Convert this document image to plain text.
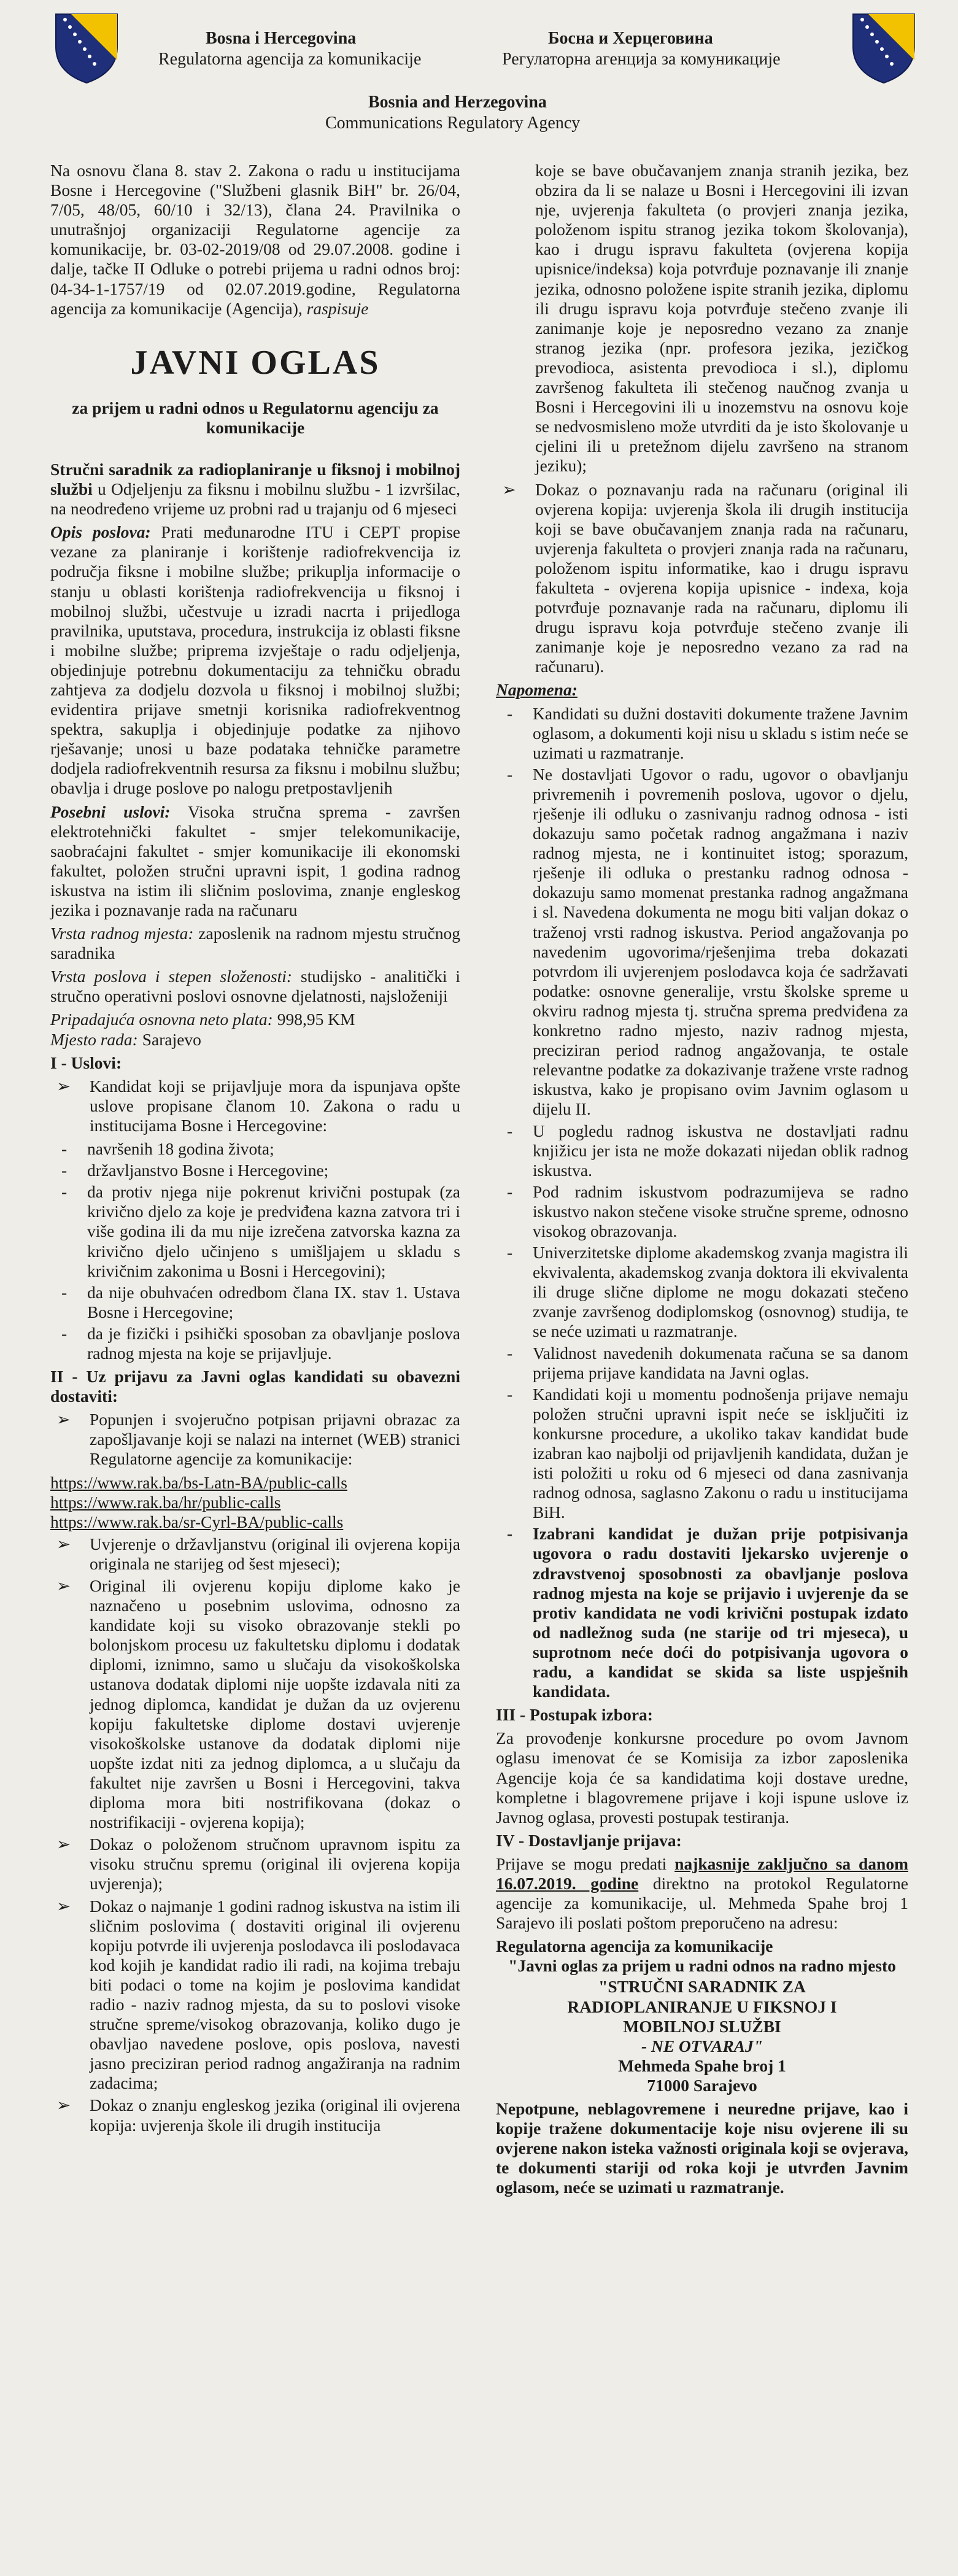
Bosna i Hercegovina
Regulatorna agencija za komunikacije
Босна и Херцеговина
Регулаторна агенција за комуникације
Bosnia and Herzegovina
Communications Regulatory Agency

Na osnovu člana 8. stav 2. Zakona o radu u institucijama Bosne i Hercegovine ("Službeni glasnik BiH" br. 26/04, 7/05, 48/05, 60/10 i 32/13), člana 24. Pravilnika o unutrašnjoj organizaciji Regulatorne agencije za komunikacije, br. 03-02-2019/08 od 29.07.2008. godine i dalje, tačke II Odluke o potrebi prijema u radni odnos broj: 04-34-1-1757/19 od 02.07.2019.godine, Regulatorna agencija za komunikacije (Agencija), raspisuje

JAVNI OGLAS

za prijem u radni odnos u Regulatornu agenciju za komunikacije

Stručni saradnik za radioplaniranje u fiksnoj i mobilnoj službi u Odjeljenju za fiksnu i mobilnu službu - 1 izvršilac, na neodređeno vrijeme uz probni rad u trajanju od 6 mjeseci

Opis poslova: Prati međunarodne ITU i CEPT propise vezane za planiranje i korištenje radiofrekvencija iz područja fiksne i mobilne službe; prikuplja informacije o stanju u oblasti korištenja radiofrekvencija u fiksnoj i mobilnoj službi, učestvuje u izradi nacrta i prijedloga pravilnika, uputstava, procedura, instrukcija iz oblasti fiksne i mobilne službe; priprema izvještaje o radu odjeljenja, objedinjuje potrebnu dokumentaciju za tehničku obradu zahtjeva za dodjelu dozvola u fiksnoj i mobilnoj službi; evidentira prijave smetnji korisnika radiofrekventnog spektra, sakuplja i objedinjuje podatke za njihovo rješavanje; unosi u baze podataka tehničke parametre dodjela radiofrekventnih resursa za fiksnu i mobilnu službu; obavlja i druge poslove po nalogu pretpostavljenih

Posebni uslovi: Visoka stručna sprema - završen elektrotehnički fakultet - smjer telekomunikacije, saobraćajni fakultet - smjer komunikacije ili ekonomski fakultet, položen stručni upravni ispit, 1 godina radnog iskustva na istim ili sličnim poslovima, znanje engleskog jezika i poznavanje rada na računaru

Vrsta radnog mjesta: zaposlenik na radnom mjestu stručnog saradnika

Vrsta poslova i stepen složenosti: studijsko - analitički i stručno operativni poslovi osnovne djelatnosti, najsloženiji

Pripadajuća osnovna neto plata: 998,95 KM

Mjesto rada: Sarajevo

I - Uslovi:

➢ Kandidat koji se prijavljuje mora da ispunjava opšte uslove propisane članom 10. Zakona o radu u institucijama Bosne i Hercegovine:
- navršenih 18 godina života;
- državljanstvo Bosne i Hercegovine;
- da protiv njega nije pokrenut krivični postupak (za krivično djelo za koje je predviđena kazna zatvora tri i više godina ili da mu nije izrečena zatvorska kazna za krivično djelo učinjeno s umišljajem u skladu s krivičnim zakonima u Bosni i Hercegovini);
- da nije obuhvaćen odredbom člana IX. stav 1. Ustava Bosne i Hercegovine;
- da je fizički i psihički sposoban za obavljanje poslova radnog mjesta na koje se prijavljuje.

II - Uz prijavu za Javni oglas kandidati su obavezni dostaviti:

➢ Popunjen i svojeručno potpisan prijavni obrazac za zapošljavanje koji se nalazi na internet (WEB) stranici Regulatorne agencije za komunikacije:
https://www.rak.ba/bs-Latn-BA/public-calls
https://www.rak.ba/hr/public-calls
https://www.rak.ba/sr-Cyrl-BA/public-calls
➢ Uvjerenje o državljanstvu (original ili ovjerena kopija originala ne starijeg od šest mjeseci);
➢ Original ili ovjerenu kopiju diplome kako je naznačeno u posebnim uslovima, odnosno za kandidate koji su visoko obrazovanje stekli po bolonjskom procesu uz fakultetsku diplomu i dodatak diplomi, iznimno, samo u slučaju da visokoškolska ustanova dodatak diplomi nije uopšte izdavala niti za jednog diplomca, kandidat je dužan da uz ovjerenu kopiju fakultetske diplome dostavi uvjerenje visokoškolske ustanove da dodatak diplomi nije uopšte izdat niti za jednog diplomca, a u slučaju da fakultet nije završen u Bosni i Hercegovini, takva diploma mora biti nostrifikovana (dokaz o nostrifikaciji - ovjerena kopija);
➢ Dokaz o položenom stručnom upravnom ispitu za visoku stručnu spremu (original ili ovjerena kopija uvjerenja);
➢ Dokaz o najmanje 1 godini radnog iskustva na istim ili sličnim poslovima ( dostaviti original ili ovjerenu kopiju potvrde ili uvjerenja poslodavca ili poslodavaca kod kojih je kandidat radio ili radi, na kojima trebaju biti podaci o tome na kojim je poslovima kandidat radio - naziv radnog mjesta, da su to poslovi visoke stručne spreme/visokog obrazovanja, koliko dugo je obavljao navedene poslove, opis poslova, navesti jasno preciziran period radnog angažiranja na radnim zadacima;
➢ Dokaz o znanju engleskog jezika (original ili ovjerena kopija: uvjerenja škole ili drugih institucija

koje se bave obučavanjem znanja stranih jezika, bez obzira da li se nalaze u Bosni i Hercegovini ili izvan nje, uvjerenja fakulteta (o provjeri znanja jezika, položenom ispitu stranog jezika tokom školovanja), kao i drugu ispravu fakulteta (ovjerena kopija upisnice/indeksa) koja potvrđuje poznavanje ili znanje jezika, odnosno položene ispite stranih jezika, diplomu ili drugu ispravu koja potvrđuje stečeno zvanje ili zanimanje koje je neposredno vezano za znanje stranog jezika (npr. profesora jezika, jezičkog prevodioca, asistenta prevodioca i sl.), diplomu završenog fakulteta ili stečenog naučnog zvanja u Bosni i Hercegovini ili u inozemstvu na osnovu koje se nedvosmisleno može utvrditi da je isto školovanje u cjelini ili u pretežnom dijelu završeno na stranom jeziku);

➢ Dokaz o poznavanju rada na računaru (original ili ovjerena kopija: uvjerenja škola ili drugih institucija koji se bave obučavanjem znanja rada na računaru, uvjerenja fakulteta o provjeri znanja rada na računaru, položenom ispitu informatike, kao i drugu ispravu fakulteta - ovjerena kopija upisnice - indexa, koja potvrđuje poznavanje rada na računaru, diplomu ili drugu ispravu koja potvrđuje stečeno zvanje ili zanimanje koje je neposredno vezano za rad na računaru).

Napomena:

- Kandidati su dužni dostaviti dokumente tražene Javnim oglasom, a dokumenti koji nisu u skladu s istim neće se uzimati u razmatranje.
- Ne dostavljati Ugovor o radu, ugovor o obavljanju privremenih i povremenih poslova, ugovor o djelu, rješenje ili odluku o zasnivanju radnog odnosa - isti dokazuju samo početak radnog angažmana i naziv radnog mjesta, ne i kontinuitet istog; sporazum, rješenje ili odluka o prestanku radnog odnosa - dokazuju samo momenat prestanka radnog angažmana i sl. Navedena dokumenta ne mogu biti valjan dokaz o traženoj vrsti radnog iskustva. Period angažovanja po navedenim ugovorima/rješenjima treba dokazati potvrdom ili uvjerenjem poslodavca koja će sadržavati podatke: osnovne generalije, vrstu školske spreme u okviru radnog mjesta tj. stručna sprema predviđena za konkretno radno mjesto, naziv radnog mjesta, preciziran period radnog angažovanja, te ostale relevantne podatke za dokazivanje tražene vrste radnog iskustva, kako je propisano ovim Javnim oglasom u dijelu II.
- U pogledu radnog iskustva ne dostavljati radnu knjižicu jer ista ne može dokazati nijedan oblik radnog iskustva.
- Pod radnim iskustvom podrazumijeva se radno iskustvo nakon stečene visoke stručne spreme, odnosno visokog obrazovanja.
- Univerzitetske diplome akademskog zvanja magistra ili ekvivalenta, akademskog zvanja doktora ili ekvivalenta ili druge slične diplome ne mogu dokazati stečeno zvanje završenog dodiplomskog (osnovnog) studija, te se neće uzimati u razmatranje.
- Validnost navedenih dokumenata računa se sa danom prijema prijave kandidata na Javni oglas.
- Kandidati koji u momentu podnošenja prijave nemaju položen stručni upravni ispit neće se isključiti iz konkursne procedure, a ukoliko takav kandidat bude izabran kao najbolji od prijavljenih kandidata, dužan je isti položiti u roku od 6 mjeseci od dana zasnivanja radnog odnosa, saglasno Zakonu o radu u institucijama BiH.
- Izabrani kandidat je dužan prije potpisivanja ugovora o radu dostaviti ljekarsko uvjerenje o zdravstvenoj sposobnosti za obavljanje poslova radnog mjesta na koje se prijavio i uvjerenje da se protiv kandidata ne vodi krivični postupak izdato od nadležnog suda (ne starije od tri mjeseca), u suprotnom neće doći do potpisivanja ugovora o radu, a kandidat se skida sa liste uspješnih kandidata.

III - Postupak izbora:

Za provođenje konkursne procedure po ovom Javnom oglasu imenovat će se Komisija za izbor zaposlenika Agencije koja će sa kandidatima koji dostave uredne, kompletne i blagovremene prijave i koji ispune uslove iz Javnog oglasa, provesti postupak testiranja.

IV - Dostavljanje prijava:

Prijave se mogu predati najkasnije zaključno sa danom 16.07.2019. godine direktno na protokol Regulatorne agencije za komunikacije, ul. Mehmeda Spahe broj 1 Sarajevo ili poslati poštom preporučeno na adresu:

Regulatorna agencija za komunikacije

"Javni oglas za prijem u radni odnos na radno mjesto

"STRUČNI SARADNIK ZA RADIOPLANIRANJE U FIKSNOJ I MOBILNOJ SLUŽBI

- NE OTVARAJ"

Mehmeda Spahe broj 1

71000 Sarajevo

Nepotpune, neblagovremene i neuredne prijave, kao i kopije tražene dokumentacije koje nisu ovjerene ili su ovjerene nakon isteka važnosti originala koji se ovjerava, te dokumenti stariji od roka koji je utvrđen Javnim oglasom, neće se uzimati u razmatranje.
